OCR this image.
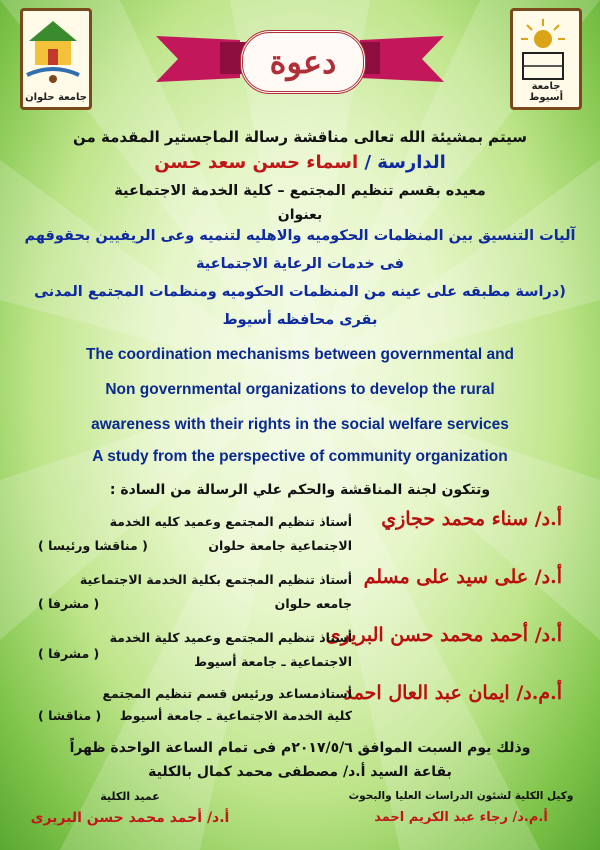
جامعة حلوان
جامعة أسيوط
دعوة
سيتم بمشيئة الله تعالى مناقشة رسالة الماجستير المقدمة من
الدارسة / اسماء حسن سعد حسن
معيده بقسم تنظيم المجتمع – كلية الخدمة الاجتماعية
بعنوان
آليات التنسيق بين المنظمات الحكوميه والاهليه لتنميه وعى الريفيين بحقوقهم
فى خدمات الرعاية الاجتماعية
(دراسة مطبقه على عينه من المنظمات الحكوميه ومنظمات المجتمع المدنى
بقرى محافظه أسيوط
The coordination mechanisms between governmental and
Non governmental organizations to develop the rural
awareness with their rights in the social welfare services
A study from the perspective of community organization
وتتكون لجنة المناقشة والحكم علي الرسالة من السادة :
أ.د/ سناء محمد حجازي
أستاذ تنظيم المجتمع وعميد كليه الخدمة
الاجتماعية جامعة حلوان
( مناقشا ورئيسا )
أ.د/ على سيد على مسلم
أستاذ تنظيم المجتمع بكلية الخدمة الاجتماعية
جامعه حلوان
( مشرفا )
أ.د/ أحمد محمد حسن البريرى
أستاذ تنظيم المجتمع وعميد كلية الخدمة
الاجتماعية ـ جامعة أسيوط
( مشرفا )
أ.م.د/ ايمان عبد العال احمد
أستاذمساعد ورئيس قسم تنظيم المجتمع
كلية الخدمة الاجتماعية ـ جامعة أسيوط
( مناقشا )
وذلك يوم السبت الموافق ٢٠١٧/٥/٦م فى تمام الساعة الواحدة ظهراً
بقاعة السيد أ.د/ مصطفى محمد كمال بالكلية
وكيل الكلية لشئون الدراسات العليا والبحوث
أ.م.د/ رجاء عبد الكريم احمد
عميد الكلية
أ.د/ أحمد محمد حسن البريرى
